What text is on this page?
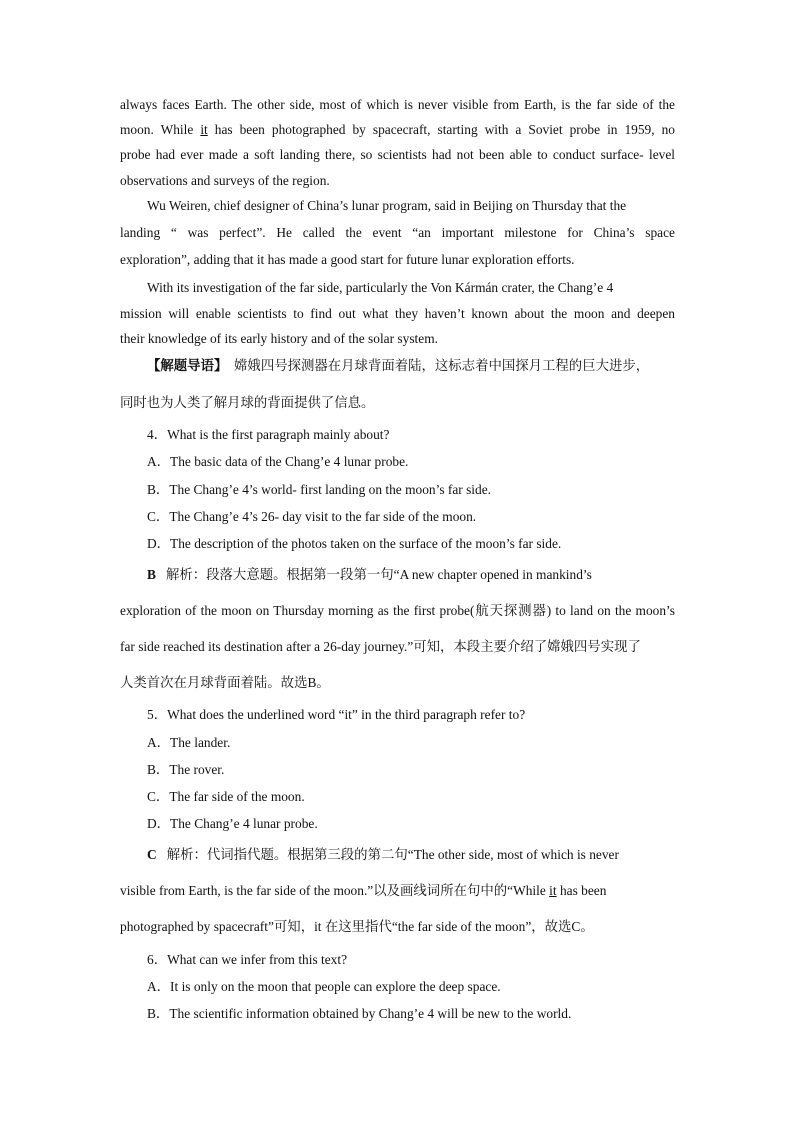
always faces Earth. The other side, most of which is never visible from Earth, is the far side of the
moon. While it has been photographed by spacecraft, starting with a Soviet probe in 1959, no
probe had ever made a soft landing there, so scientists had not been able to conduct surface- level
observations and surveys of the region.
Wu Weiren, chief designer of China’s lunar program, said in Beijing on Thursday that the
landing “ was perfect”. He called the event “an important milestone for China’s space
exploration”, adding that it has made a good start for future lunar exploration efforts.
With its investigation of the far side, particularly the Von Kármán crater, the Chang’e 4
mission will enable scientists to find out what they haven’t known about the moon and deepen
their knowledge of its early history and of the solar system.
【解题导语】 嫦娥四号探测器在月球背面着陆，这标志着中国探月工程的巨大进步，
同时也为人类了解月球的背面提供了信息。
4．What is the first paragraph mainly about?
A．The basic data of the Chang’e 4 lunar probe.
B．The Chang’e 4’s world- first landing on the moon’s far side.
C．The Chang’e 4’s 26- day visit to the far side of the moon.
D．The description of the photos taken on the surface of the moon’s far side.
B 解析：段落大意题。根据第一段第一句“A new chapter opened in mankind’s
exploration of the moon on Thursday morning as the first probe(航天探测器) to land on the moon’s
far side reached its destination after a 26-day journey.”可知，本段主要介绍了嫦娥四号实现了
人类首次在月球背面着陆。故选B。
5．What does the underlined word “it” in the third paragraph refer to?
A．The lander.
B．The rover.
C．The far side of the moon.
D．The Chang’e 4 lunar probe.
C 解析：代词指代题。根据第三段的第二句“The other side, most of which is never
visible from Earth, is the far side of the moon.”以及画线词所在句中的“While it has been
photographed by spacecraft”可知，it 在这里指代“the far side of the moon”，故选C。
6．What can we infer from this text?
A．It is only on the moon that people can explore the deep space.
B．The scientific information obtained by Chang’e 4 will be new to the world.
